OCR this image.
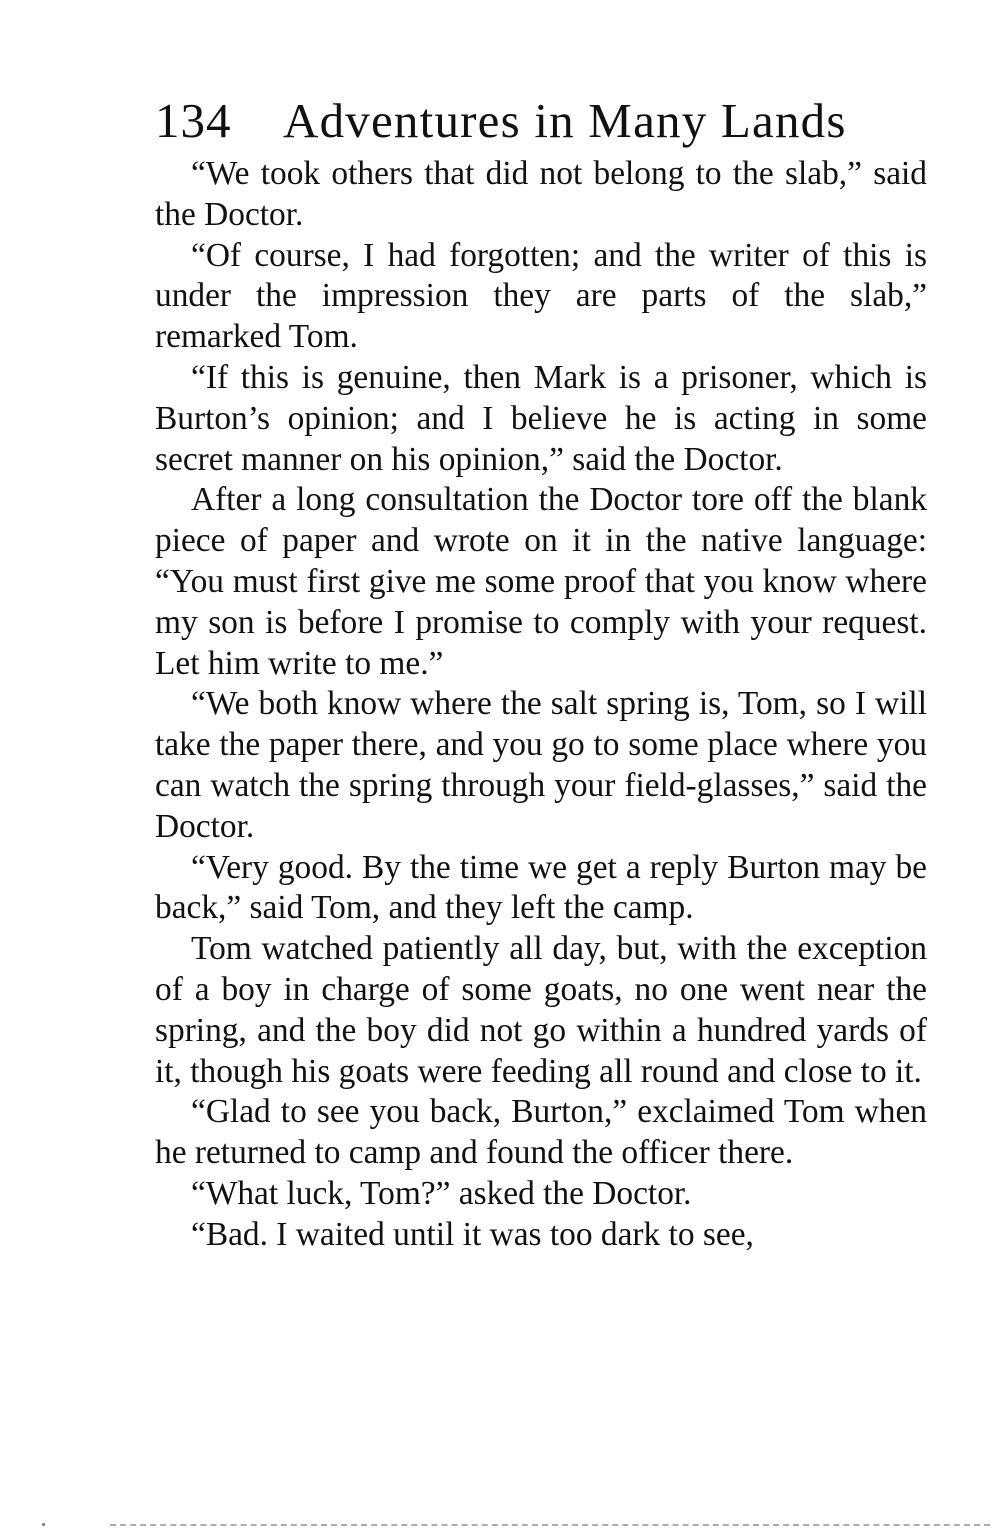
134	Adventures in Many Lands

“We took others that did not belong to the slab,” said the Doctor.

“Of course, I had forgotten; and the writer of this is under the impression they are parts of the slab,” remarked Tom.

“If this is genuine, then Mark is a prisoner, which is Burton’s opinion; and I believe he is acting in some secret manner on his opinion,” said the Doctor.

After a long consultation the Doctor tore off the blank piece of paper and wrote on it in the native language: “You must first give me some proof that you know where my son is before I promise to comply with your request. Let him write to me.”

“We both know where the salt spring is, Tom, so I will take the paper there, and you go to some place where you can watch the spring through your field-glasses,” said the Doctor.

“Very good. By the time we get a reply Burton may be back,” said Tom, and they left the camp.

Tom watched patiently all day, but, with the exception of a boy in charge of some goats, no one went near the spring, and the boy did not go within a hundred yards of it, though his goats were feeding all round and close to it.

“Glad to see you back, Burton,” exclaimed Tom when he returned to camp and found the officer there.

“What luck, Tom?” asked the Doctor.

“Bad. I waited until it was too dark to see,
